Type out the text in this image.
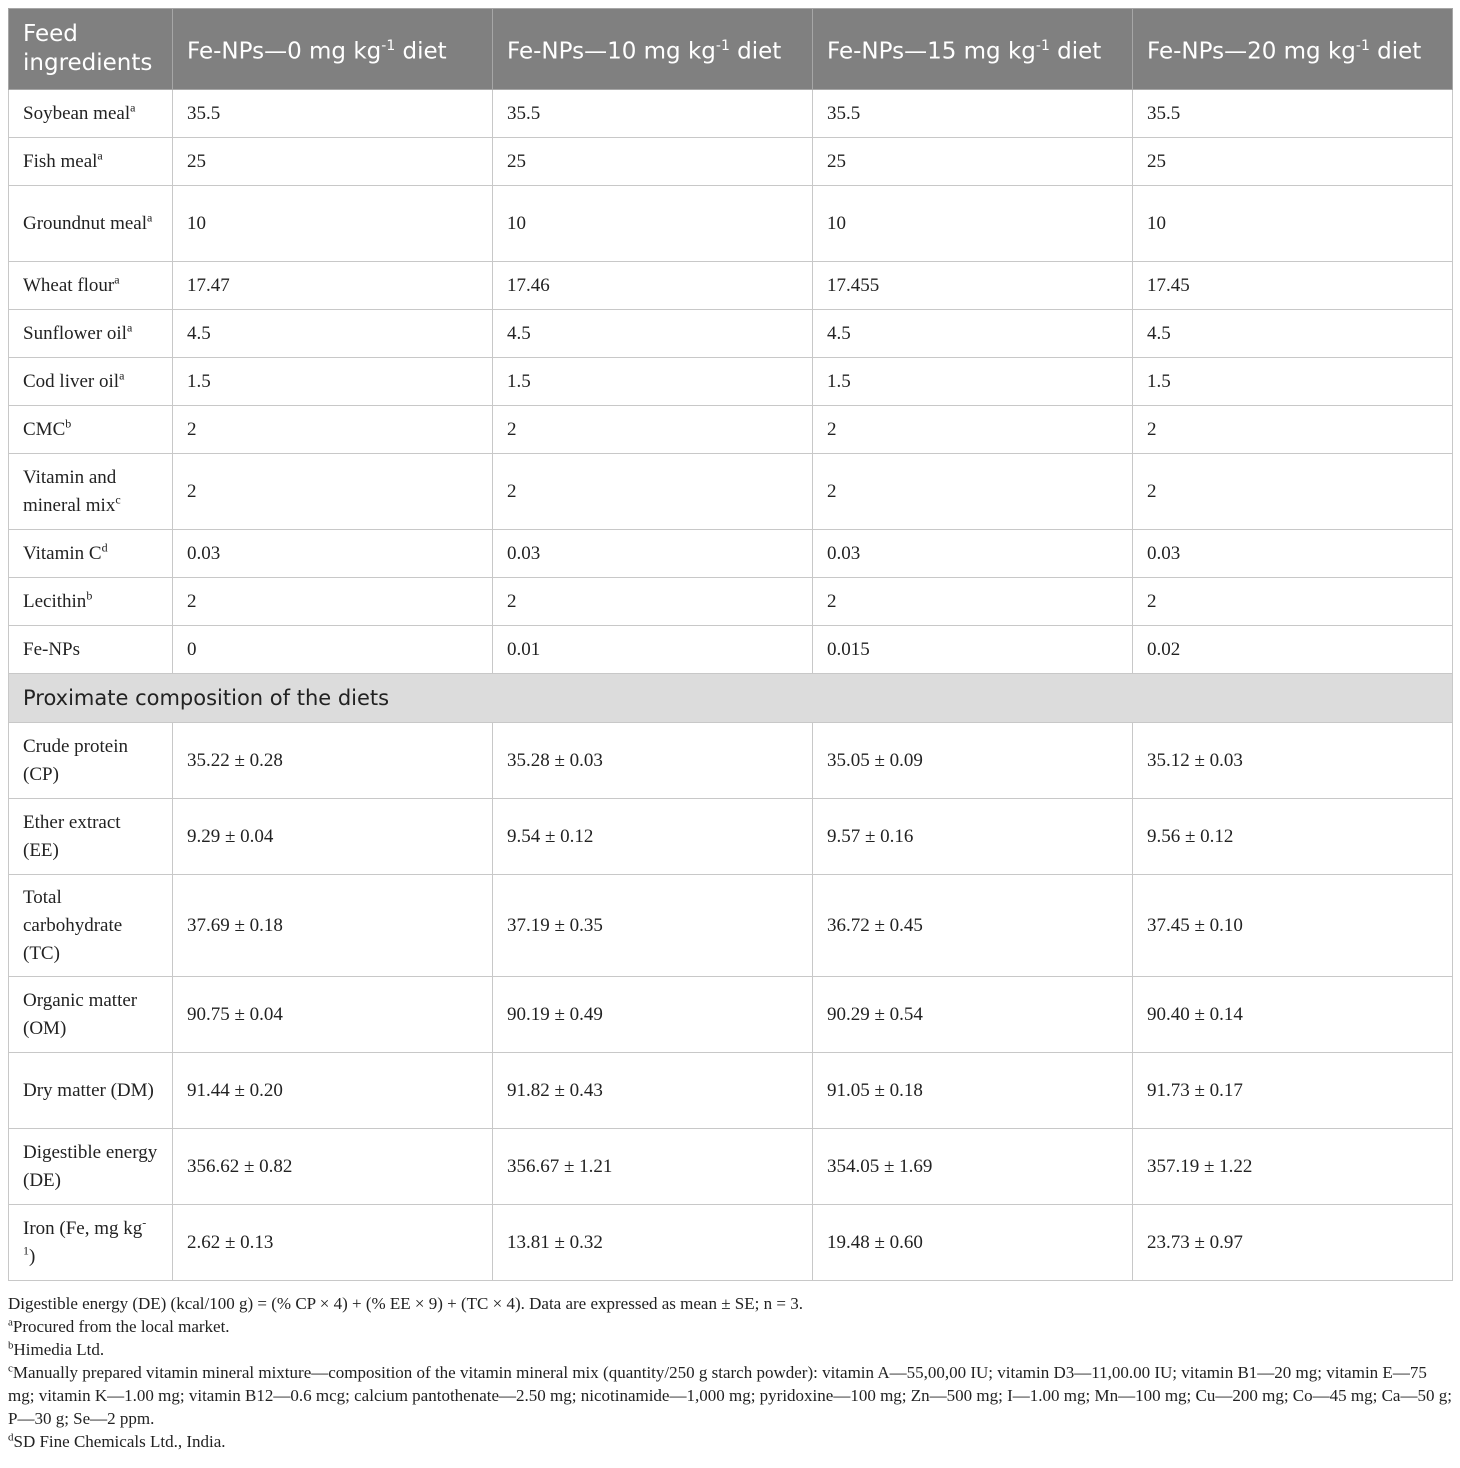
Feed ingredients	Fe-NPs—0 mg $kg^{-1}$ diet	Fe-NPs—10 mg $kg^{-1}$ diet	Fe-NPs—15 mg $kg^{-1}$ diet	Fe-NPs—20 mg $kg^{-1}$ diet
Soybean meal$^a$	35.5	35.5	35.5	35.5
Fish meal$^a$	25	25	25	25
Groundnut meal$^a$	10	10	10	10
Wheat flour$^a$	17.47	17.46	17.455	17.45
Sunflower oil$^a$	4.5	4.5	4.5	4.5
Cod liver oil$^a$	1.5	1.5	1.5	1.5
CMC$^b$	2	2	2	2
Vitamin and mineral mix$^c$	2	2	2	2
Vitamin $C^d$	0.03	0.03	0.03	0.03
Lecithin$^b$	2	2	2	2
Fe-NPs	0	0.01	0.015	0.02
Proximate composition of the diets				
Crude protein (CP)	35.22 ± 0.28	35.28 ± 0.03	35.05 ± 0.09	35.12 ± 0.03
Ether extract (EE)	9.29 ± 0.04	9.54 ± 0.12	9.57 ± 0.16	9.56 ± 0.12
Total carbohydrate (TC)	37.69 ± 0.18	37.19 ± 0.35	36.72 ± 0.45	37.45 ± 0.10
Organic matter (OM)	90.75 ± 0.04	90.19 ± 0.49	90.29 ± 0.54	90.40 ± 0.14
Dry matter (DM)	91.44 ± 0.20	91.82 ± 0.43	91.05 ± 0.18	91.73 ± 0.17
Digestible energy (DE)	356.62 ± 0.82	356.67 ± 1.21	354.05 ± 1.69	357.19 ± 1.22
Iron (Fe, mg $kg^{-1}$)	2.62 ± 0.13	13.81 ± 0.32	19.48 ± 0.60	23.73 ± 0.97

Digestible energy (DE) (kcal/100 g) = (% CP × 4) + (% EE × 9) + (TC × 4). Data are expressed as mean ± SE; n = 3.

$^a$Procured from the local market.

$^b$Himedia Ltd.

$^c$Manually prepared vitamin mineral mixture—composition of the vitamin mineral mix (quantity/250 g starch powder): vitamin A—55,00,00 IU; vitamin D3—11,00.00 IU; vitamin B1—20 mg; vitamin E—75 mg; vitamin K—1.00 mg; vitamin B12—0.6 mcg; calcium pantothenate—2.50 mg; nicotinamide—1,000 mg; pyridoxine—100 mg; Zn—500 mg; I—1.00 mg; Mn—100 mg; Cu—200 mg; Co—45 mg; Ca—50 g; P—30 g; Se—2 ppm.

$^d$SD Fine Chemicals Ltd., India.
